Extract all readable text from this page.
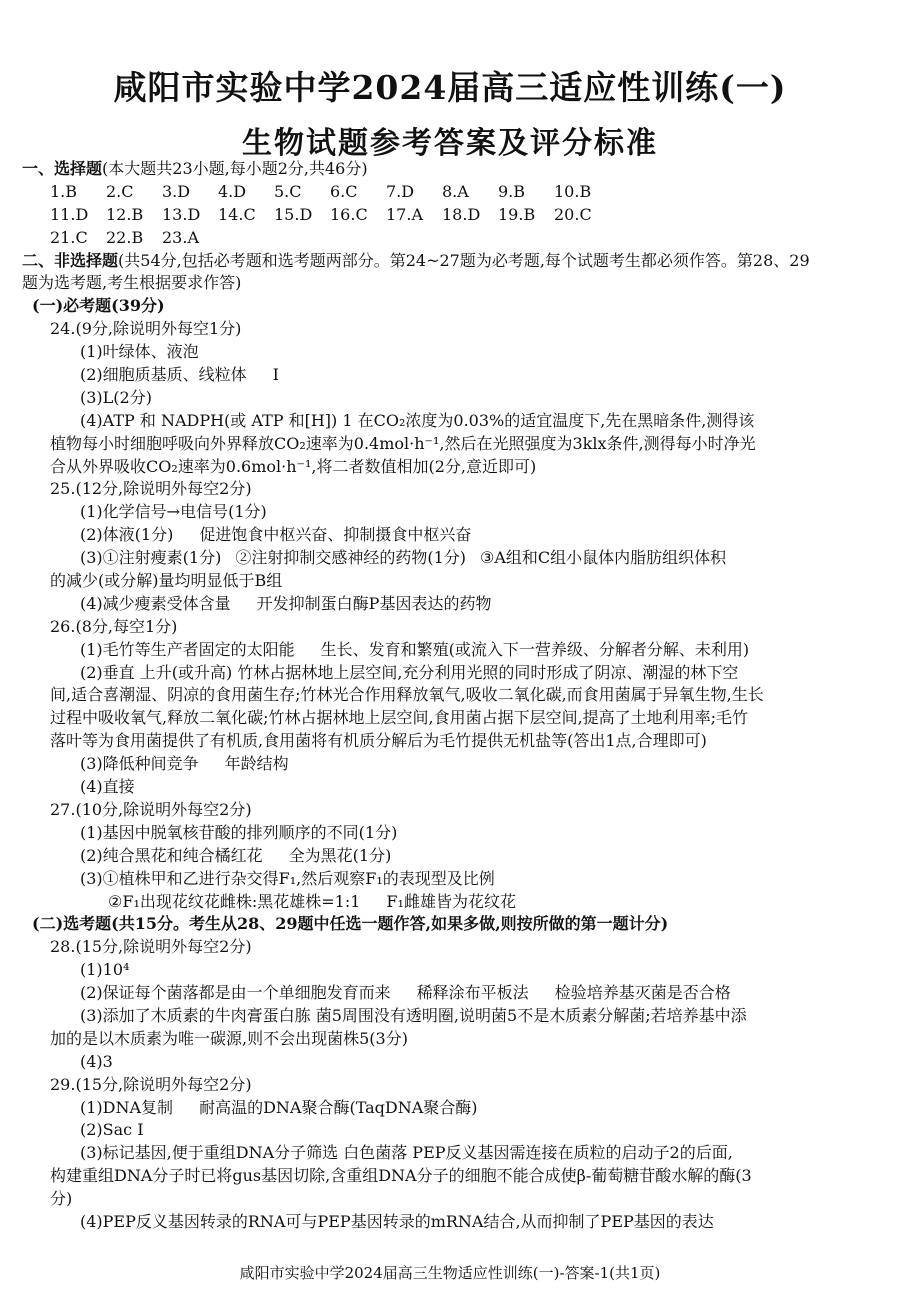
咸阳市实验中学2024届高三适应性训练(一)
生物试题参考答案及评分标准
一、选择题(本大题共23小题,每小题2分,共46分)
1.B	2.C	3.D	4.D	5.C	6.C	7.D	8.A	9.B	10.B
11.D	12.B	13.D	14.C	15.D	16.C	17.A	18.D	19.B	20.C
21.C	22.B	23.A
二、非选择题(共54分,包括必考题和选考题两部分。第24~27题为必考题,每个试题考生都必须作答。第28、29
题为选考题,考生根据要求作答)
(一)必考题(39分)
24.(9分,除说明外每空1分)
(1)叶绿体、液泡
(2)细胞质基质、线粒体 Ⅰ
(3)L(2分)
(4)ATP 和 NADPH(或 ATP 和[H]) 1 在CO₂浓度为0.03%的适宜温度下,先在黑暗条件,测得该
植物每小时细胞呼吸向外界释放CO₂速率为0.4mol·h⁻¹,然后在光照强度为3klx条件,测得每小时净光
合从外界吸收CO₂速率为0.6mol·h⁻¹,将二者数值相加(2分,意近即可)
25.(12分,除说明外每空2分)
(1)化学信号→电信号(1分)
(2)体液(1分) 促进饱食中枢兴奋、抑制摄食中枢兴奋
(3)①注射瘦素(1分) ②注射抑制交感神经的药物(1分) ③A组和C组小鼠体内脂肪组织体积
的减少(或分解)量均明显低于B组
(4)减少瘦素受体含量 开发抑制蛋白酶P基因表达的药物
26.(8分,每空1分)
(1)毛竹等生产者固定的太阳能 生长、发育和繁殖(或流入下一营养级、分解者分解、未利用)
(2)垂直 上升(或升高) 竹林占据林地上层空间,充分利用光照的同时形成了阴凉、潮湿的林下空
间,适合喜潮湿、阴凉的食用菌生存;竹林光合作用释放氧气,吸收二氧化碳,而食用菌属于异氧生物,生长
过程中吸收氧气,释放二氧化碳;竹林占据林地上层空间,食用菌占据下层空间,提高了土地利用率;毛竹
落叶等为食用菌提供了有机质,食用菌将有机质分解后为毛竹提供无机盐等(答出1点,合理即可)
(3)降低种间竞争 年龄结构
(4)直接
27.(10分,除说明外每空2分)
(1)基因中脱氧核苷酸的排列顺序的不同(1分)
(2)纯合黑花和纯合橘红花 全为黑花(1分)
(3)①植株甲和乙进行杂交得F₁,然后观察F₁的表现型及比例
②F₁出现花纹花雌株:黑花雄株=1:1 F₁雌雄皆为花纹花
(二)选考题(共15分。考生从28、29题中任选一题作答,如果多做,则按所做的第一题计分)
28.(15分,除说明外每空2分)
(1)10⁴
(2)保证每个菌落都是由一个单细胞发育而来 稀释涂布平板法 检验培养基灭菌是否合格
(3)添加了木质素的牛肉膏蛋白胨 菌5周围没有透明圈,说明菌5不是木质素分解菌;若培养基中添
加的是以木质素为唯一碳源,则不会出现菌株5(3分)
(4)3
29.(15分,除说明外每空2分)
(1)DNA复制 耐高温的DNA聚合酶(TaqDNA聚合酶)
(2)Sac Ⅰ
(3)标记基因,便于重组DNA分子筛选 白色菌落 PEP反义基因需连接在质粒的启动子2的后面,
构建重组DNA分子时已将gus基因切除,含重组DNA分子的细胞不能合成使β-葡萄糖苷酸水解的酶(3
分)
(4)PEP反义基因转录的RNA可与PEP基因转录的mRNA结合,从而抑制了PEP基因的表达
咸阳市实验中学2024届高三生物适应性训练(一)-答案-1(共1页)
